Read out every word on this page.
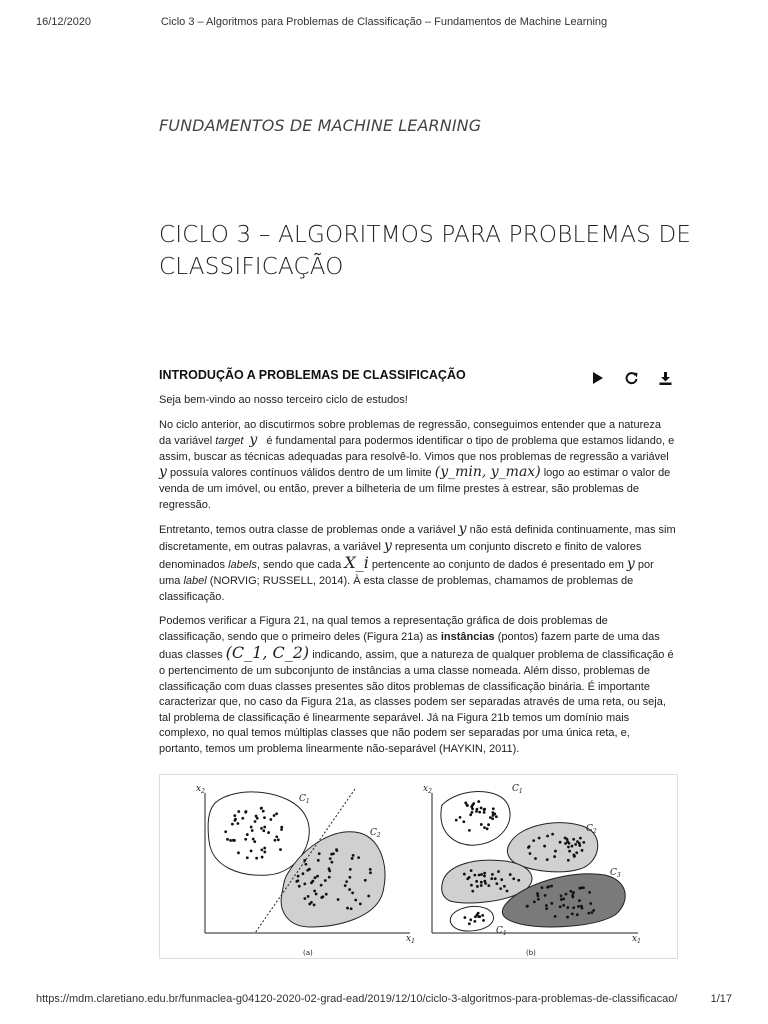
16/12/2020	Ciclo 3 – Algoritmos para Problemas de Classificação – Fundamentos de Machine Learning
FUNDAMENTOS DE MACHINE LEARNING
CICLO 3 – ALGORITMOS PARA PROBLEMAS DE CLASSIFICAÇÃO
INTRODUÇÃO A PROBLEMAS DE CLASSIFICAÇÃO

Seja bem-vindo ao nosso terceiro ciclo de estudos!

No ciclo anterior, ao discutirmos sobre problemas de regressão, conseguimos entender que a natureza da variável target y é fundamental para podermos identificar o tipo de problema que estamos lidando, e assim, buscar as técnicas adequadas para resolvê-lo. Vimos que nos problemas de regressão a variável y possuía valores contínuos válidos dentro de um limite (y_min, y_max) logo ao estimar o valor de venda de um imóvel, ou então, prever a bilheteria de um filme prestes à estrear, são problemas de regressão.

Entretanto, temos outra classe de problemas onde a variável y não está definida continuamente, mas sim discretamente, em outras palavras, a variável y representa um conjunto discreto e finito de valores denominados labels, sendo que cada X_i pertencente ao conjunto de dados é presentado em y por uma label (NORVIG; RUSSELL, 2014). À esta classe de problemas, chamamos de problemas de classificação.

Podemos verificar a Figura 21, na qual temos a representação gráfica de dois problemas de classificação, sendo que o primeiro deles (Figura 21a) as instâncias (pontos) fazem parte de uma das duas classes (C_1, C_2) indicando, assim, que a natureza de qualquer problema de classificação é o pertencimento de um subconjunto de instâncias a uma classe nomeada. Além disso, problemas de classificação com duas classes presentes são ditos problemas de classificação binária. É importante caracterizar que, no caso da Figura 21a, as classes podem ser separadas através de uma reta, ou seja, tal problema de classificação é linearmente separável. Já na Figura 21b temos um domínio mais complexo, no qual temos múltiplas classes que não podem ser separadas por uma única reta, e, portanto, temos um problema linearmente não-separável (HAYKIN, 2011).

$x_2$
$x_1$
$C_1$
$C_2$
(a)
$x_2$
$x_1$
$C_1$
$C_2$
$C_3$
$C_1$
(b)
https://mdm.claretiano.edu.br/funmaclea-g04120-2020-02-grad-ead/2019/12/10/ciclo-3-algoritmos-para-problemas-de-classificacao/	1/17
